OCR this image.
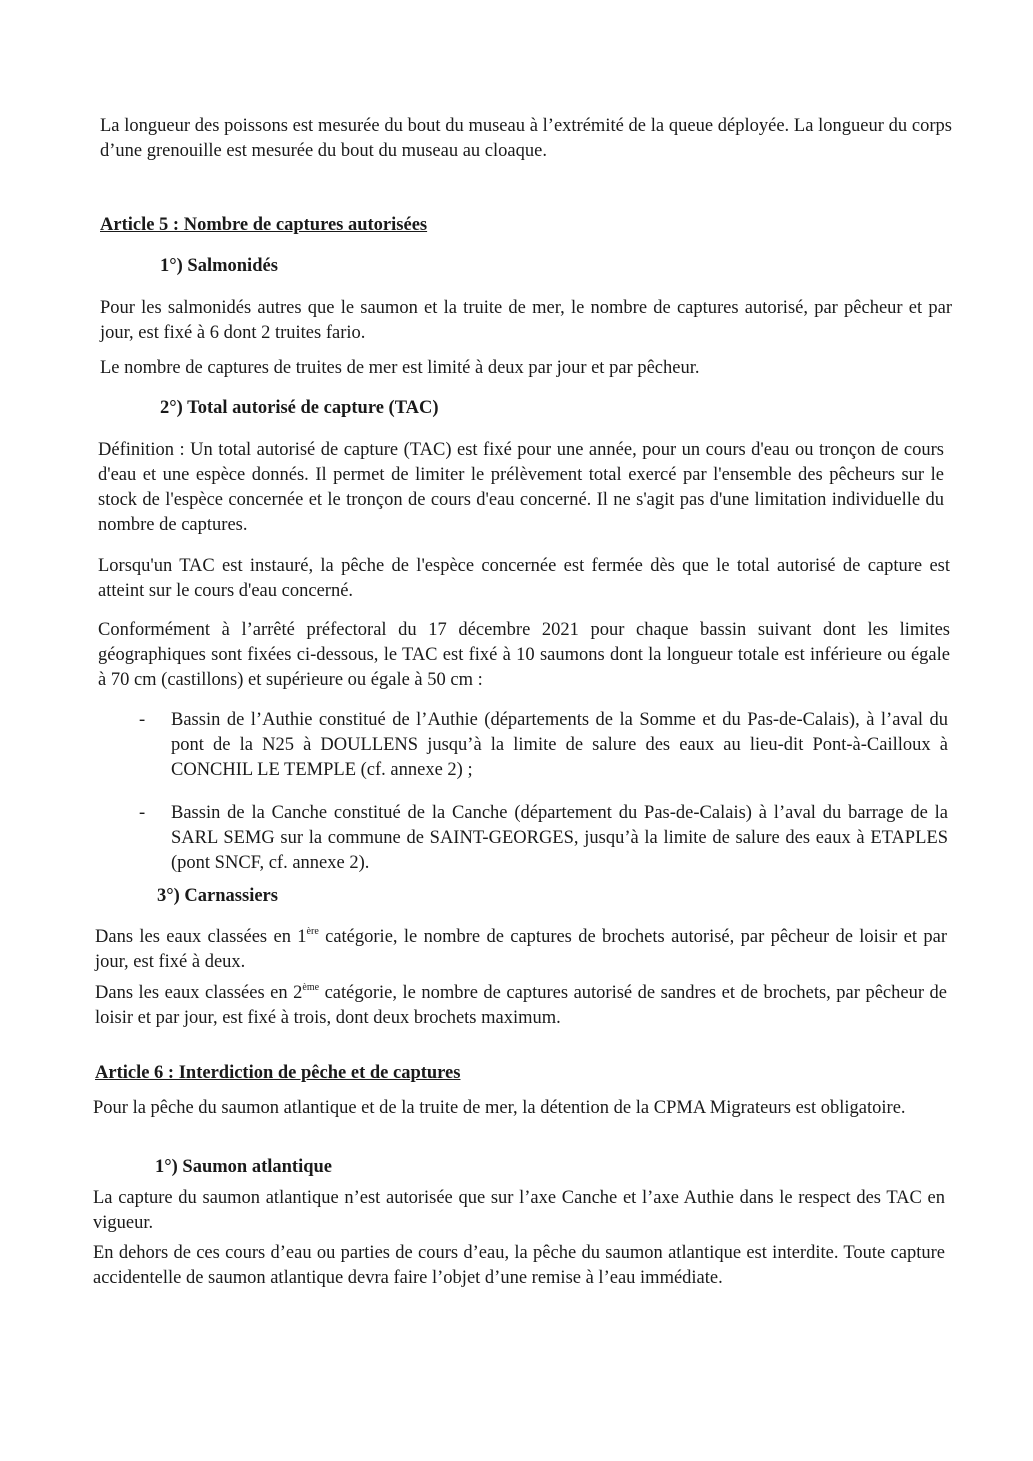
La longueur des poissons est mesurée du bout du museau à l’extrémité de la queue déployée. La longueur du corps d’une grenouille est mesurée du bout du museau au cloaque.

Article 5 : Nombre de captures autorisées
1°) Salmonidés

Pour les salmonidés autres que le saumon et la truite de mer, le nombre de captures autorisé, par pêcheur et par jour, est fixé à 6 dont 2 truites fario.

Le nombre de captures de truites de mer est limité à deux par jour et par pêcheur.

2°) Total autorisé de capture (TAC)

Définition : Un total autorisé de capture (TAC) est fixé pour une année, pour un cours d'eau ou tronçon de cours d'eau et une espèce donnés. Il permet de limiter le prélèvement total exercé par l'ensemble des pêcheurs sur le stock de l'espèce concernée et le tronçon de cours d'eau concerné. Il ne s'agit pas d'une limitation individuelle du nombre de captures.

Lorsqu'un TAC est instauré, la pêche de l'espèce concernée est fermée dès que le total autorisé de capture est atteint sur le cours d'eau concerné.

Conformément à l’arrêté préfectoral du 17 décembre 2021 pour chaque bassin suivant dont les limites géographiques sont fixées ci-dessous, le TAC est fixé à 10 saumons dont la longueur totale est inférieure ou égale à 70 cm (castillons) et supérieure ou égale à 50 cm :

- Bassin de l’Authie constitué de l’Authie (départements de la Somme et du Pas-de-Calais), à l’aval du pont de la N25 à DOULLENS jusqu’à la limite de salure des eaux au lieu-dit Pont-à-Cailloux à CONCHIL LE TEMPLE (cf. annexe 2) ;
- Bassin de la Canche constitué de la Canche (département du Pas-de-Calais) à l’aval du barrage de la SARL SEMG sur la commune de SAINT-GEORGES, jusqu’à la limite de salure des eaux à ETAPLES (pont SNCF, cf. annexe 2).
3°) Carnassiers

Dans les eaux classées en 1ère catégorie, le nombre de captures de brochets autorisé, par pêcheur de loisir et par jour, est fixé à deux.

Dans les eaux classées en 2ème catégorie, le nombre de captures autorisé de sandres et de brochets, par pêcheur de loisir et par jour, est fixé à trois, dont deux brochets maximum.

Article 6 : Interdiction de pêche et de captures

Pour la pêche du saumon atlantique et de la truite de mer, la détention de la CPMA Migrateurs est obligatoire.

1°) Saumon atlantique

La capture du saumon atlantique n’est autorisée que sur l’axe Canche et l’axe Authie dans le respect des TAC en vigueur.

En dehors de ces cours d’eau ou parties de cours d’eau, la pêche du saumon atlantique est interdite. Toute capture accidentelle de saumon atlantique devra faire l’objet d’une remise à l’eau immédiate.
